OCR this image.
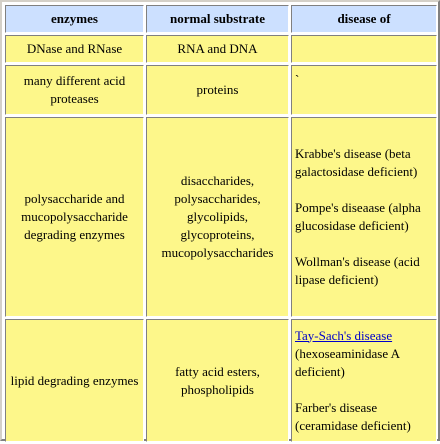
enzymes	normal substrate	disease of
DNase and RNase	RNA and DNA	
many different acid proteases	proteins	`

polysaccharide and mucopolysaccharide degrading enzymes	disaccharides, polysaccharides, glycolipids, glycoproteins, mucopolysaccharides	Krabbe's disease (beta galactosidase deficient)
Pompe's diseaase (alpha glucosidase deficient)
Wollman's disease (acid lipase deficient)

lipid degrading enzymes	fatty acid esters, phospholipids	Tay-Sach's disease
(hexoseaminidase A deficient)
Farber's disease (ceramidase deficient)
